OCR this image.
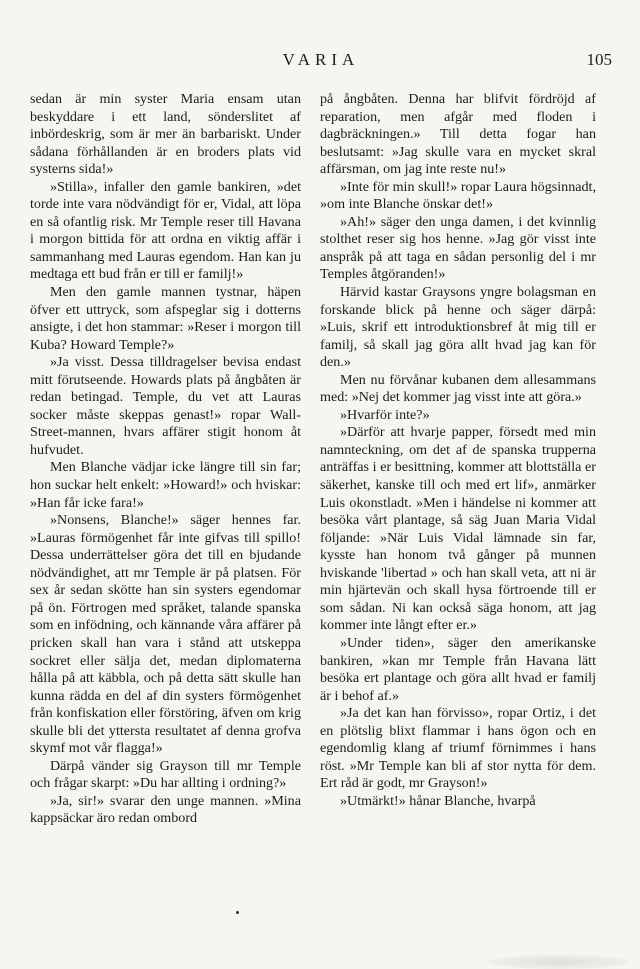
VARIA	105

sedan är min syster Maria ensam utan beskyddare i ett land, sönderslitet af inbördeskrig, som är mer än barbariskt. Under sådana förhållanden är en broders plats vid systerns sida!»

»Stilla», infaller den gamle bankiren, »det torde inte vara nödvändigt för er, Vidal, att löpa en så ofantlig risk. Mr Temple reser till Havana i morgon bittida för att ordna en viktig affär i sammanhang med Lauras egendom. Han kan ju medtaga ett bud från er till er familj!»

Men den gamle mannen tystnar, häpen öfver ett uttryck, som afspeglar sig i dotterns ansigte, i det hon stammar: »Reser i morgon till Kuba? Howard Temple?»

»Ja visst. Dessa tilldragelser bevisa endast mitt förutseende. Howards plats på ångbåten är redan betingad. Temple, du vet att Lauras socker måste skeppas genast!» ropar Wall-Street-mannen, hvars affärer stigit honom åt hufvudet.

Men Blanche vädjar icke längre till sin far; hon suckar helt enkelt: »Howard!» och hviskar: »Han får icke fara!»

»Nonsens, Blanche!» säger hennes far. »Lauras förmögenhet får inte gifvas till spillo! Dessa underrättelser göra det till en bjudande nödvändighet, att mr Temple är på platsen. För sex år sedan skötte han sin systers egendomar på ön. Förtrogen med språket, talande spanska som en infödning, och kännande våra affärer på pricken skall han vara i stånd att utskeppa sockret eller sälja det, medan diplomaterna hålla på att käbbla, och på detta sätt skulle han kunna rädda en del af din systers förmögenhet från konfiskation eller förstöring, äfven om krig skulle bli det yttersta resultatet af denna grofva skymf mot vår flagga!»

Därpå vänder sig Grayson till mr Temple och frågar skarpt: »Du har allting i ordning?»

»Ja, sir!» svarar den unge mannen. »Mina kappsäckar äro redan ombord

på ångbåten. Denna har blifvit fördröjd af reparation, men afgår med floden i dagbräckningen.» Till detta fogar han beslutsamt: »Jag skulle vara en mycket skral affärsman, om jag inte reste nu!»

»Inte för min skull!» ropar Laura högsinnadt, »om inte Blanche önskar det!»

»Ah!» säger den unga damen, i det kvinnlig stolthet reser sig hos henne. »Jag gör visst inte anspråk på att taga en sådan personlig del i mr Temples åtgöranden!»

Härvid kastar Graysons yngre bolagsman en forskande blick på henne och säger därpå: »Luis, skrif ett introduktionsbref åt mig till er familj, så skall jag göra allt hvad jag kan för den.»

Men nu förvånar kubanen dem allesammans med: »Nej det kommer jag visst inte att göra.»

»Hvarför inte?»

»Därför att hvarje papper, försedt med min namnteckning, om det af de spanska trupperna anträffas i er besittning, kommer att blottställa er säkerhet, kanske till och med ert lif», anmärker Luis okonstladt. »Men i händelse ni kommer att besöka vårt plantage, så säg Juan Maria Vidal följande: »När Luis Vidal lämnade sin far, kysste han honom två gånger på munnen hviskande 'libertad » och han skall veta, att ni är min hjärtevän och skall hysa förtroende till er som sådan. Ni kan också säga honom, att jag kommer inte långt efter er.»

»Under tiden», säger den amerikanske bankiren, »kan mr Temple från Havana lätt besöka ert plantage och göra allt hvad er familj är i behof af.»

»Ja det kan han förvisso», ropar Ortiz, i det en plötslig blixt flammar i hans ögon och en egendomlig klang af triumf förnimmes i hans röst. »Mr Temple kan bli af stor nytta för dem. Ert råd är godt, mr Grayson!»

»Utmärkt!» hånar Blanche, hvarpå
